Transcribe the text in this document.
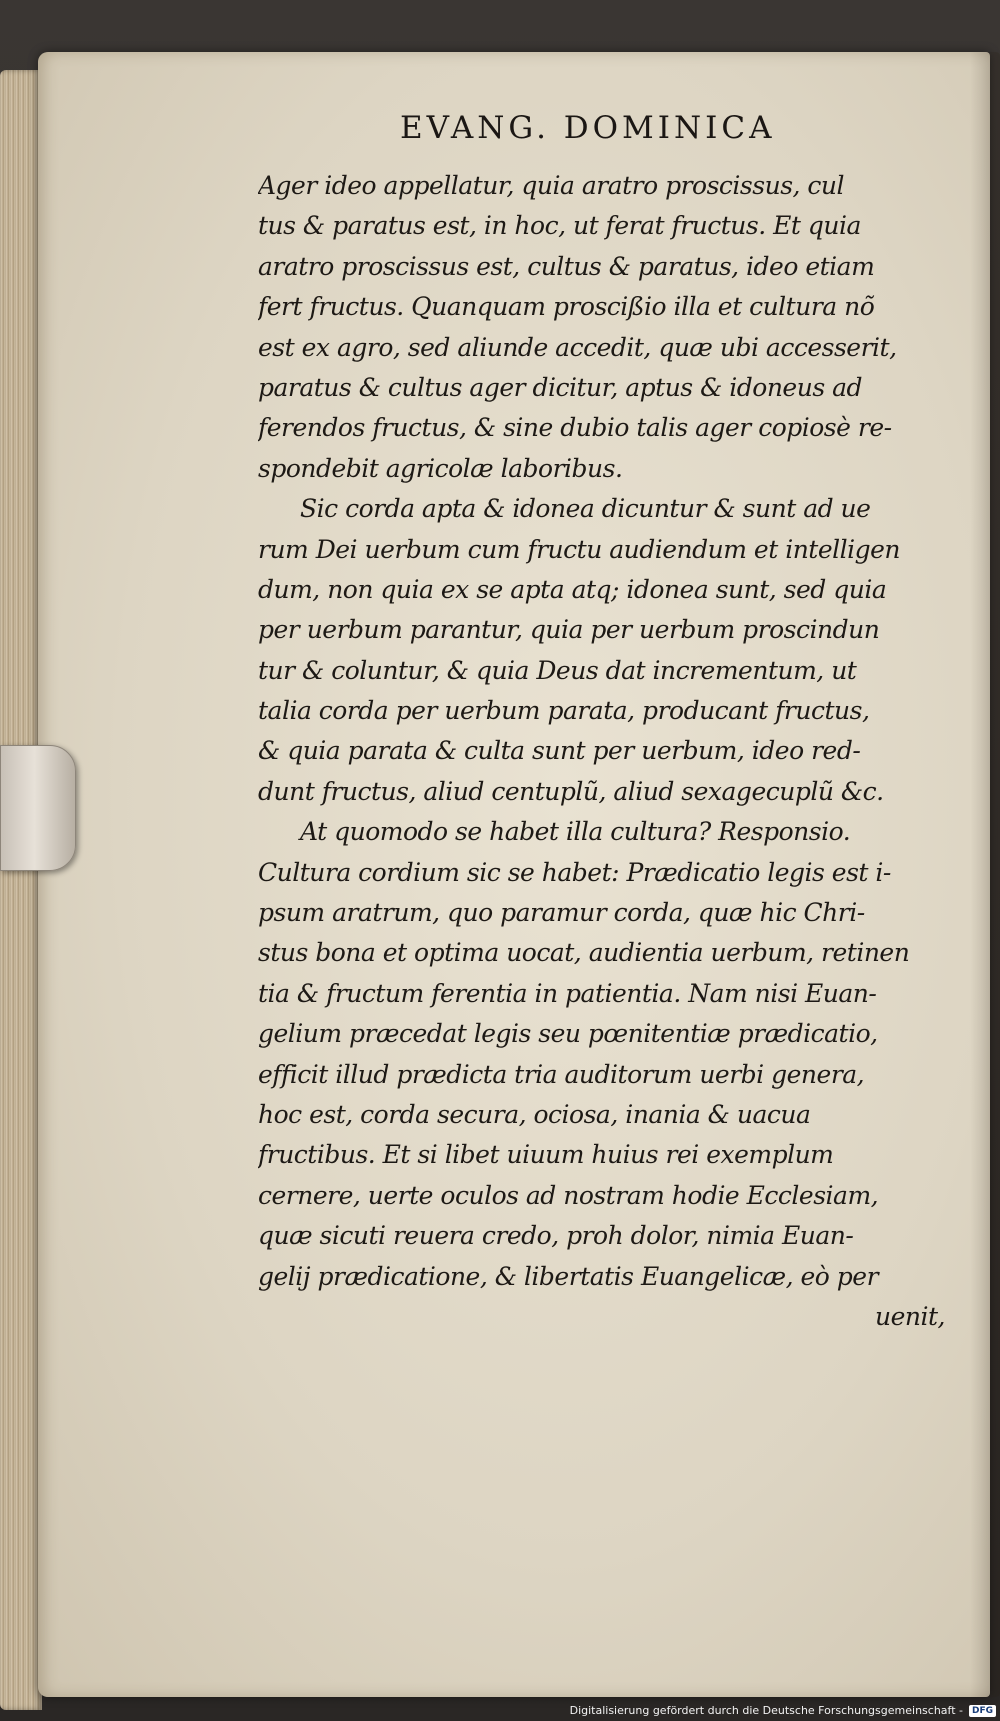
EVANG. DOMINICA
Ager ideo appellatur, quia aratro proscissus, cul
tus & paratus est, in hoc, ut ferat fructus. Et quia
aratro proscissus est, cultus & paratus, ideo etiam
fert fructus. Quanquam proscißio illa et cultura nõ
est ex agro, sed aliunde accedit, quæ ubi accesserit,
paratus & cultus ager dicitur, aptus & idoneus ad
ferendos fructus, & sine dubio talis ager copiosè re-
spondebit agricolæ laboribus.
Sic corda apta & idonea dicuntur & sunt ad ue
rum Dei uerbum cum fructu audiendum et intelligen
dum, non quia ex se apta atq; idonea sunt, sed quia
per uerbum parantur, quia per uerbum proscindun
tur & coluntur, & quia Deus dat incrementum, ut
talia corda per uerbum parata, producant fructus,
& quia parata & culta sunt per uerbum, ideo red-
dunt fructus, aliud centuplũ, aliud sexagecuplũ &c.
At quomodo se habet illa cultura? Responsio.
Cultura cordium sic se habet: Prædicatio legis est i-
psum aratrum, quo paramur corda, quæ hic Chri-
stus bona et optima uocat, audientia uerbum, retinen
tia & fructum ferentia in patientia. Nam nisi Euan-
gelium præcedat legis seu pœnitentiæ prædicatio,
efficit illud prædicta tria auditorum uerbi genera,
hoc est, corda secura, ociosa, inania & uacua
fructibus. Et si libet uiuum huius rei exemplum
cernere, uerte oculos ad nostram hodie Ecclesiam,
quæ sicuti reuera credo, proh dolor, nimia Euan-
gelij prædicatione, & libertatis Euangelicæ, eò per
uenit,
Digitalisierung gefördert durch die Deutsche Forschungsgemeinschaft -	DFG
